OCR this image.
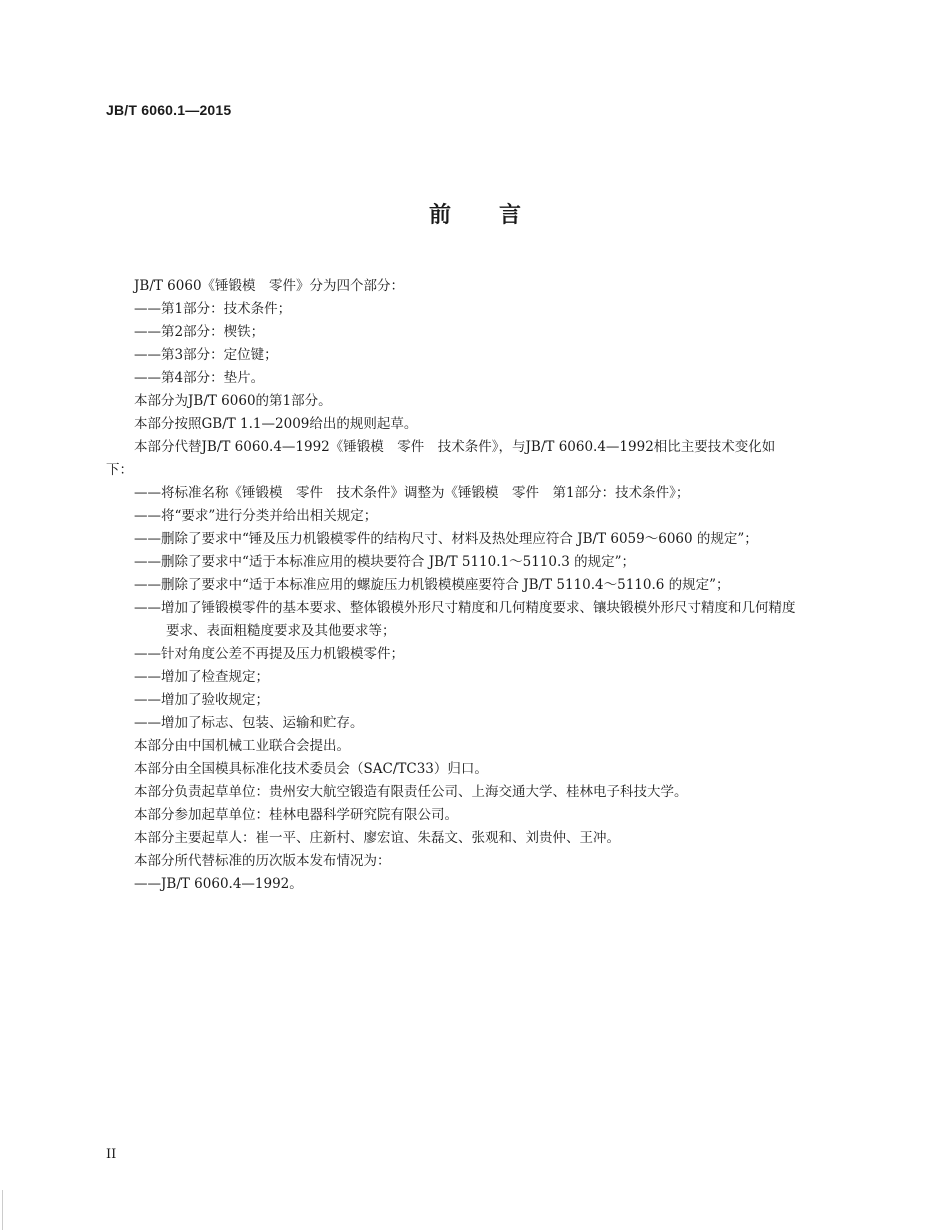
JB/T 6060.1—2015
前言

JB/T 6060《锤锻模　零件》分为四个部分：

——第1部分：技术条件；

——第2部分：楔铁；

——第3部分：定位键；

——第4部分：垫片。

本部分为JB/T 6060的第1部分。

本部分按照GB/T 1.1—2009给出的规则起草。

本部分代替JB/T 6060.4—1992《锤锻模　零件　技术条件》，与JB/T 6060.4—1992相比主要技术变化如下：

——将标准名称《锤锻模　零件　技术条件》调整为《锤锻模　零件　第1部分：技术条件》；

——将“要求”进行分类并给出相关规定；

——删除了要求中“锤及压力机锻模零件的结构尺寸、材料及热处理应符合 JB/T 6059～6060 的规定”；

——删除了要求中“适于本标准应用的模块要符合 JB/T 5110.1～5110.3 的规定”；

——删除了要求中“适于本标准应用的螺旋压力机锻模模座要符合 JB/T 5110.4～5110.6 的规定”；

——增加了锤锻模零件的基本要求、整体锻模外形尺寸精度和几何精度要求、镶块锻模外形尺寸精度和几何精度要求、表面粗糙度要求及其他要求等；

——针对角度公差不再提及压力机锻模零件；

——增加了检查规定；

——增加了验收规定；

——增加了标志、包装、运输和贮存。

本部分由中国机械工业联合会提出。

本部分由全国模具标准化技术委员会（SAC/TC33）归口。

本部分负责起草单位：贵州安大航空锻造有限责任公司、上海交通大学、桂林电子科技大学。

本部分参加起草单位：桂林电器科学研究院有限公司。

本部分主要起草人：崔一平、庄新村、廖宏谊、朱磊文、张观和、刘贵仲、王冲。

本部分所代替标准的历次版本发布情况为：

——JB/T 6060.4—1992。

II
